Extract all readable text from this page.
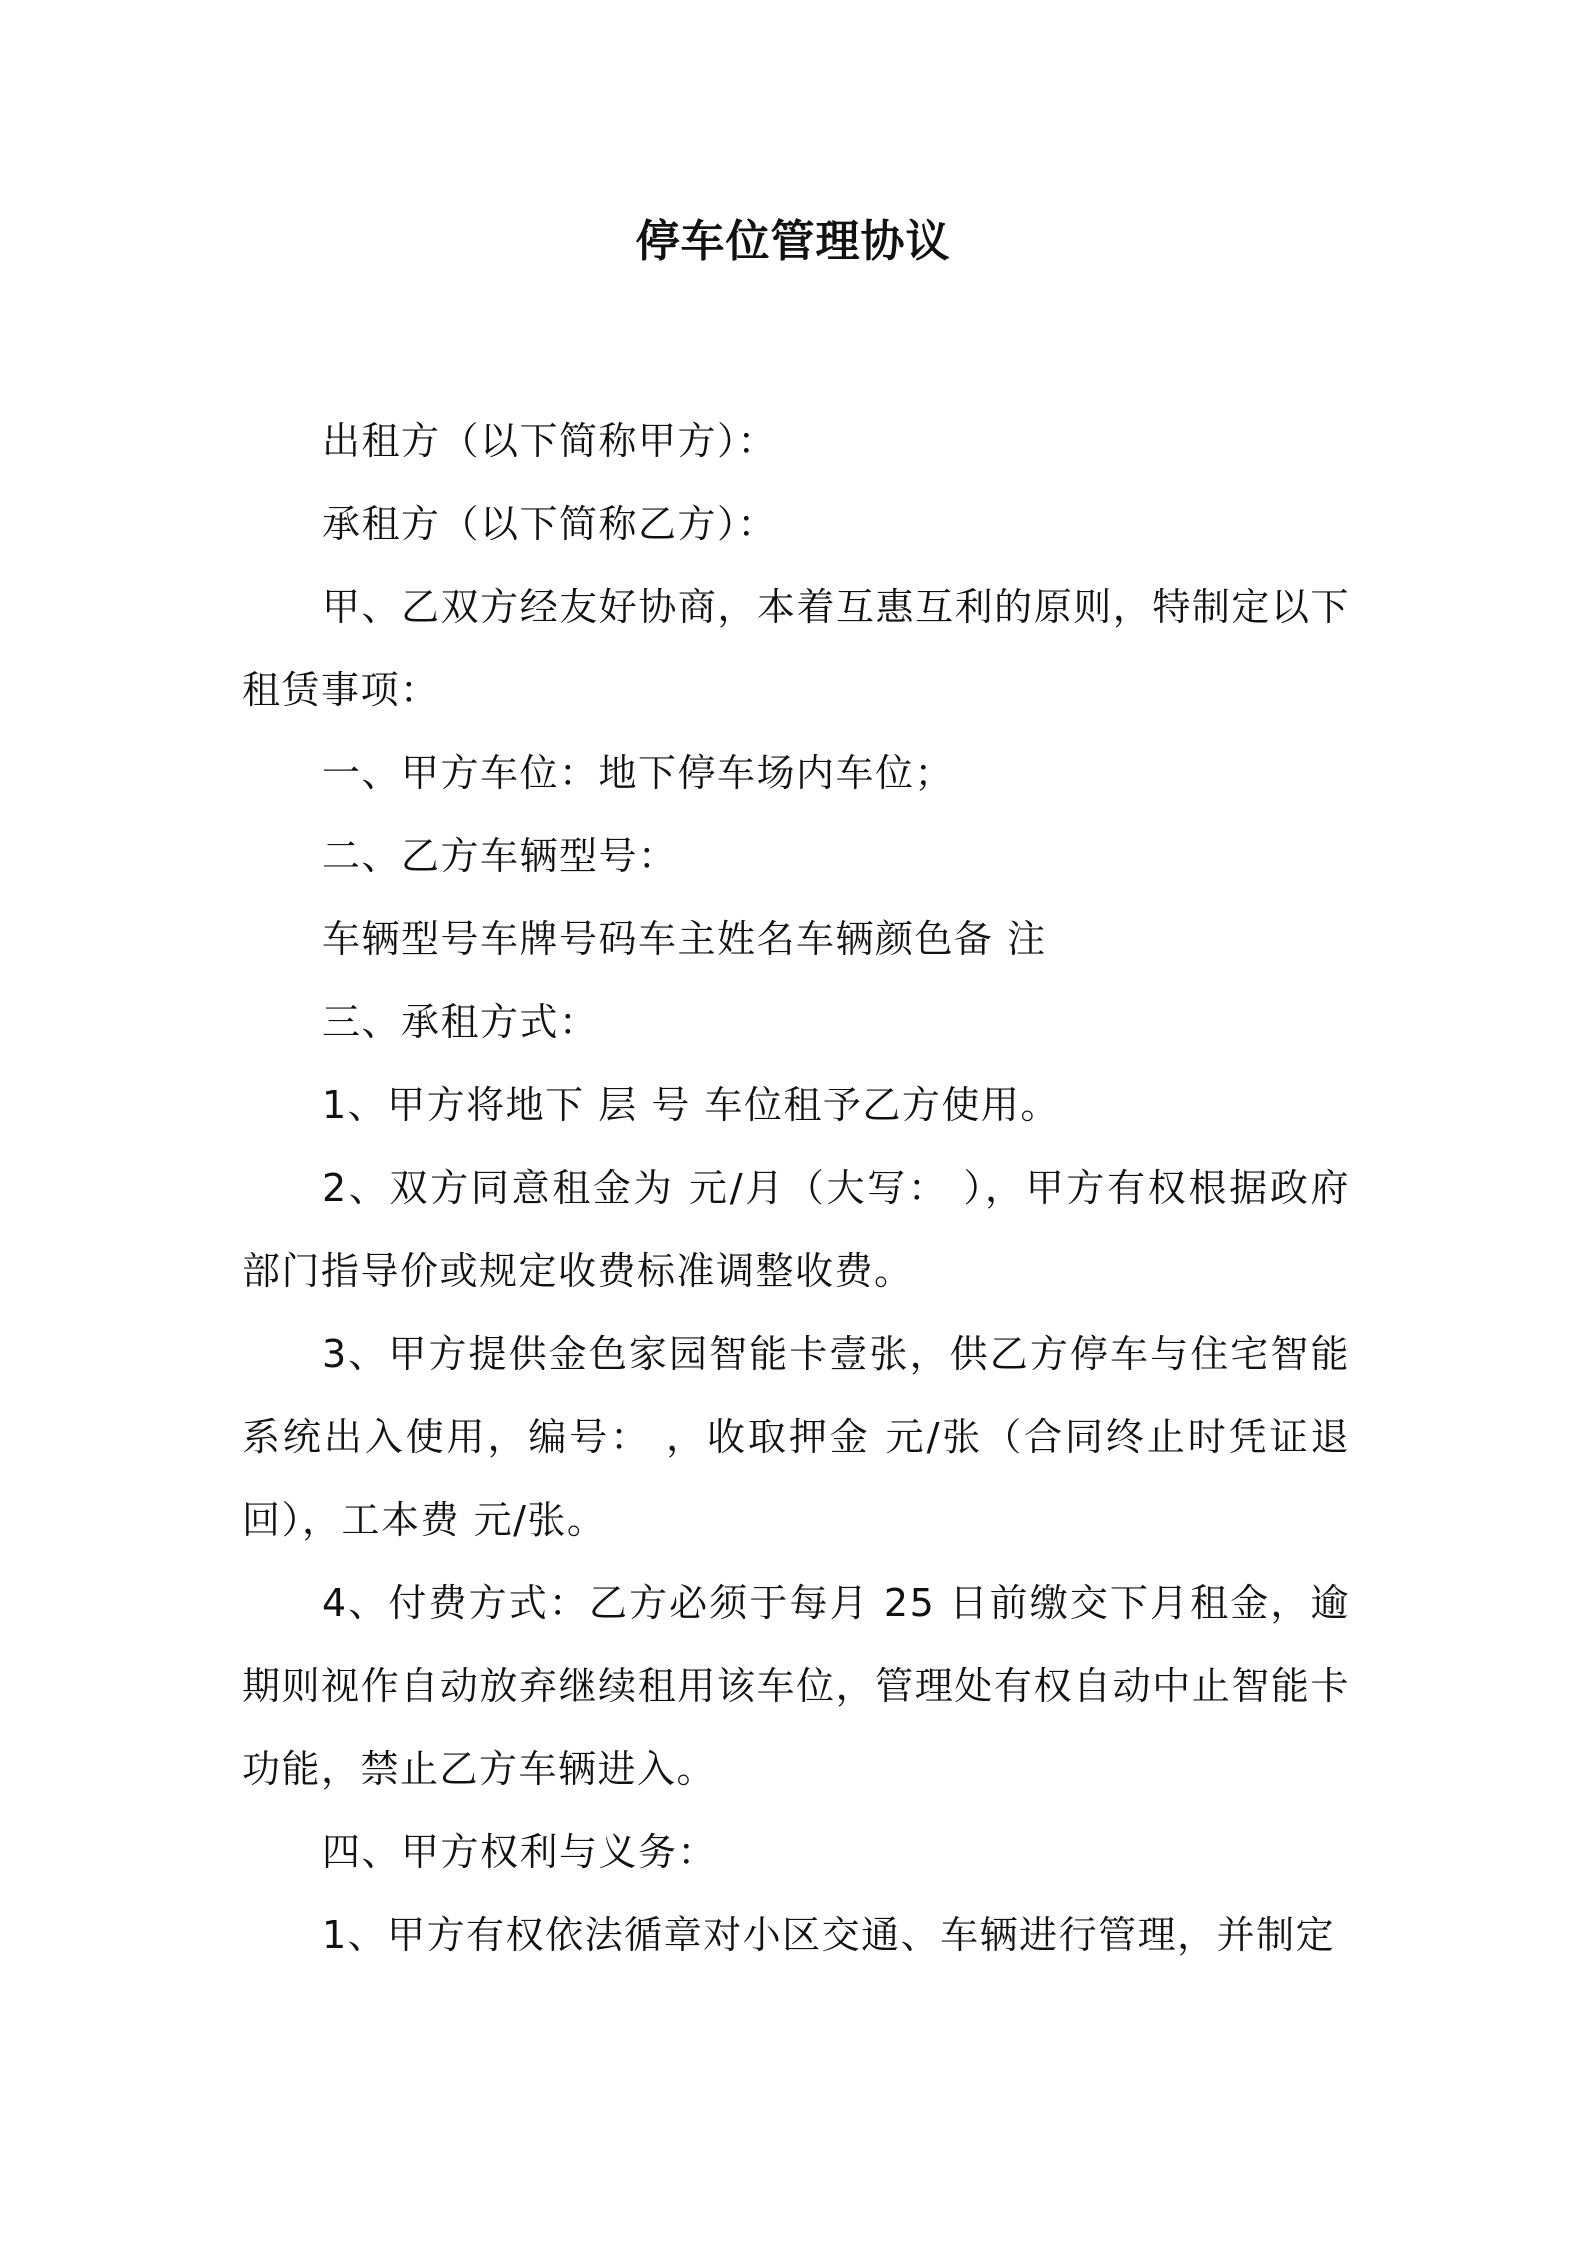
停车位管理协议

出租方（以下简称甲方）：

承租方（以下简称乙方）：

甲、乙双方经友好协商，本着互惠互利的原则，特制定以下租赁事项：

一、甲方车位：地下停车场内车位；

二、乙方车辆型号：

车辆型号车牌号码车主姓名车辆颜色备 注

三、承租方式：

1、甲方将地下 层 号 车位租予乙方使用。

2、双方同意租金为 元/月（大写： ），甲方有权根据政府部门指导价或规定收费标准调整收费。

3、甲方提供金色家园智能卡壹张，供乙方停车与住宅智能系统出入使用，编号： ，收取押金 元/张（合同终止时凭证退回），工本费 元/张。

4、付费方式：乙方必须于每月 25 日前缴交下月租金，逾期则视作自动放弃继续租用该车位，管理处有权自动中止智能卡功能，禁止乙方车辆进入。

四、甲方权利与义务：

1、甲方有权依法循章对小区交通、车辆进行管理，并制定
